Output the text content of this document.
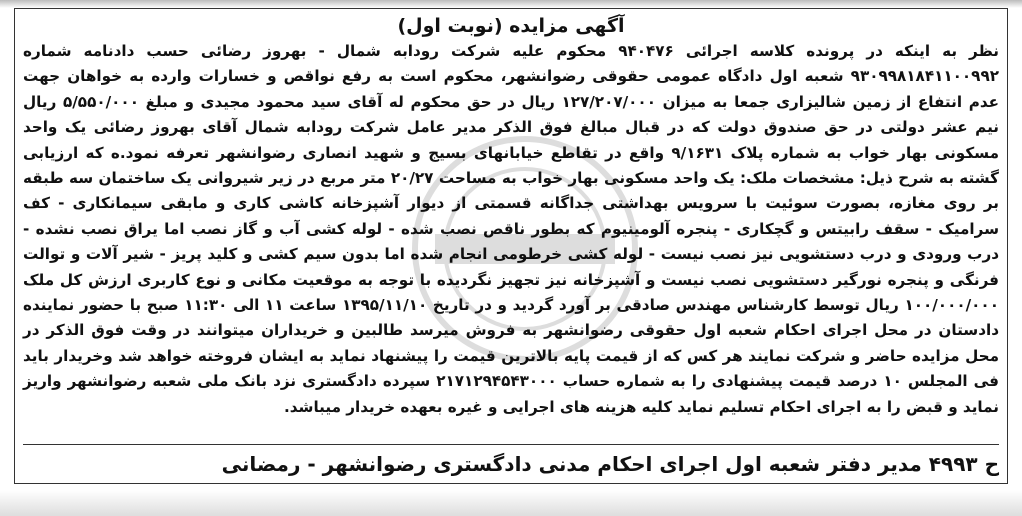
آگهی مزایده (نوبت اول)

نظر به اینکه در پرونده کلاسه اجرائی ۹۴۰۴۷۶ محکوم علیه شرکت رودابه شمال - بهروز رضائی حسب دادنامه شماره ۹۳۰۹۹۸۱۸۴۱۱۰۰۹۹۲ شعبه اول دادگاه عمومی حقوقی رضوانشهر، محکوم است به رفع نواقص و خسارات وارده به خواهان جهت عدم انتفاع از زمین شالیزاری جمعا به میزان ۱۲۷/۲۰۷/۰۰۰ ریال در حق محکوم له آقای سید محمود مجیدی و مبلغ ۵/۵۵۰/۰۰۰ ریال نیم عشر دولتی در حق صندوق دولت که در قبال مبالغ فوق الذکر مدیر عامل شرکت رودابه شمال آقای بهروز رضائی یک واحد مسکونی بهار خواب به شماره پلاک ۹/۱۶۳۱ واقع در تقاطع خیابانهای بسیج و شهید انصاری رضوانشهر تعرفه نمود.ه که ارزیابی گشته به شرح ذیل: مشخصات ملک: یک واحد مسکونی بهار خواب به مساحت ۲۰/۲۷ متر مربع در زیر شیروانی یک ساختمان سه طبقه بر روی مغازه، بصورت سوئیت با سرویس بهداشتی جداگانه قسمتی از دیوار آشپزخانه کاشی کاری و مابقی سیمانکاری - کف سرامیک - سقف رابیتس و گچکاری - پنجره آلومینیوم که بطور ناقص نصب شده - لوله کشی آب و گاز نصب اما یراق نصب نشده - درب ورودی و درب دستشویی نیز نصب نیست - لوله کشی خرطومی انجام شده اما بدون سیم کشی و کلید پریز - شیر آلات و توالت فرنگی و پنجره نورگیر دستشویی نصب نیست و آشپزخانه نیز تجهیز نگردیده با توجه به موقعیت مکانی و نوع کاربری ارزش کل ملک ۱۰۰/۰۰۰/۰۰۰ ریال توسط کارشناس مهندس صادقی بر آورد گردید و در تاریخ ۱۳۹۵/۱۱/۱۰ ساعت ۱۱ الی ۱۱:۳۰ صبح با حضور نماینده دادستان در محل اجرای احکام شعبه اول حقوقی رضوانشهر به فروش میرسد طالبین و خریداران میتوانند در وقت فوق الذکر در محل مزایده حاضر و شرکت نمایند هر کس که از قیمت پایه بالاترین قیمت را پیشنهاد نماید به ایشان فروخته خواهد شد وخریدار باید فی المجلس ۱۰ درصد قیمت پیشنهادی را به شماره حساب ۲۱۷۱۲۹۴۵۴۳۰۰۰ سپرده دادگستری نزد بانک ملی شعبه رضوانشهر واریز نماید و قبض را به اجرای احکام تسلیم نماید کلیه هزینه های اجرایی و غیره بعهده خریدار میباشد.

ح ۴۹۹۳ مدیر دفتر شعبه اول اجرای احکام مدنی دادگستری رضوانشهر - رمضانی
